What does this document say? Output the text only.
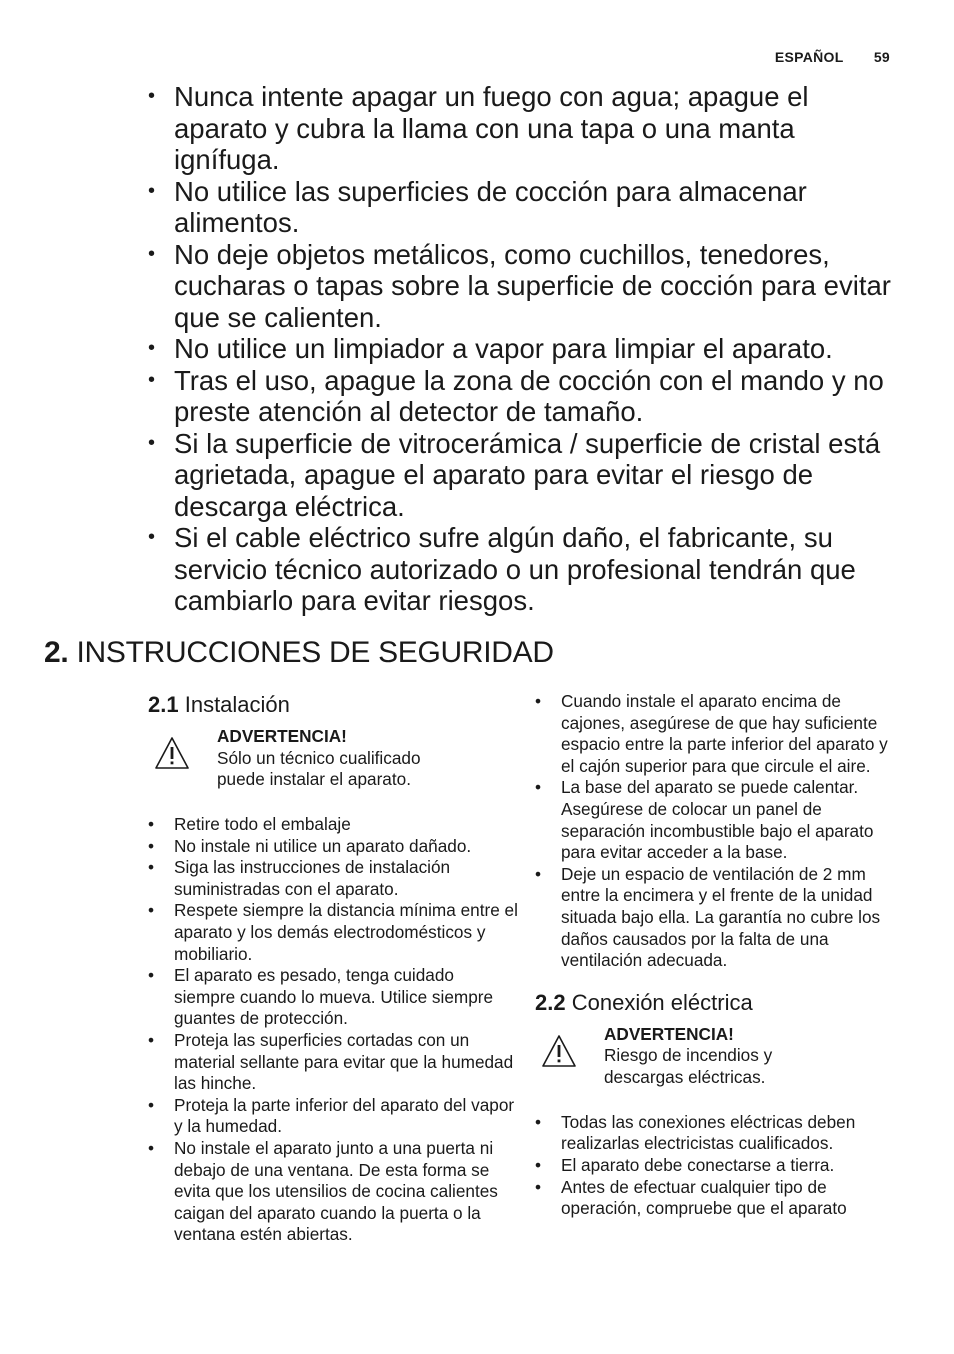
ESPAÑOL 59
• Nunca intente apagar un fuego con agua; apague el aparato y cubra la llama con una tapa o una manta ignífuga.
• No utilice las superficies de cocción para almacenar alimentos.
• No deje objetos metálicos, como cuchillos, tenedores, cucharas o tapas sobre la superficie de cocción para evitar que se calienten.
• No utilice un limpiador a vapor para limpiar el aparato.
• Tras el uso, apague la zona de cocción con el mando y no preste atención al detector de tamaño.
• Si la superficie de vitrocerámica / superficie de cristal está agrietada, apague el aparato para evitar el riesgo de descarga eléctrica.
• Si el cable eléctrico sufre algún daño, el fabricante, su servicio técnico autorizado o un profesional tendrán que cambiarlo para evitar riesgos.
2. INSTRUCCIONES DE SEGURIDAD
2.1 Instalación
ADVERTENCIA!
Sólo un técnico cualificado puede instalar el aparato.
• Retire todo el embalaje
• No instale ni utilice un aparato dañado.
• Siga las instrucciones de instalación suministradas con el aparato.
• Respete siempre la distancia mínima entre el aparato y los demás electrodomésticos y mobiliario.
• El aparato es pesado, tenga cuidado siempre cuando lo mueva. Utilice siempre guantes de protección.
• Proteja las superficies cortadas con un material sellante para evitar que la humedad las hinche.
• Proteja la parte inferior del aparato del vapor y la humedad.
• No instale el aparato junto a una puerta ni debajo de una ventana. De esta forma se evita que los utensilios de cocina calientes caigan del aparato cuando la puerta o la ventana estén abiertas.
• Cuando instale el aparato encima de cajones, asegúrese de que hay suficiente espacio entre la parte inferior del aparato y el cajón superior para que circule el aire.
• La base del aparato se puede calentar. Asegúrese de colocar un panel de separación incombustible bajo el aparato para evitar acceder a la base.
• Deje un espacio de ventilación de 2 mm entre la encimera y el frente de la unidad situada bajo ella. La garantía no cubre los daños causados por la falta de una ventilación adecuada.
2.2 Conexión eléctrica
ADVERTENCIA!
Riesgo de incendios y descargas eléctricas.
• Todas las conexiones eléctricas deben realizarlas electricistas cualificados.
• El aparato debe conectarse a tierra.
• Antes de efectuar cualquier tipo de operación, compruebe que el aparato
